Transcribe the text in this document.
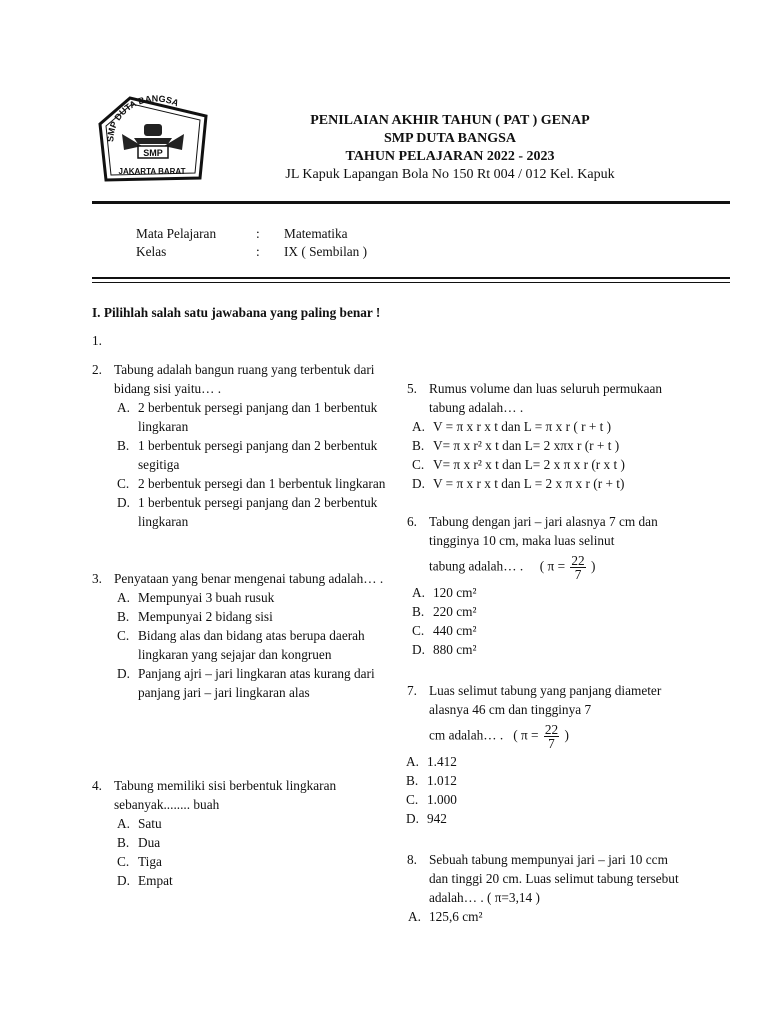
SMP DUTA BANGSA
SMP
JAKARTA BARAT
PENILAIAN AKHIR TAHUN ( PAT ) GENAP
SMP DUTA BANGSA
TAHUN PELAJARAN 2022 - 2023
JL Kapuk Lapangan Bola No 150 Rt 004 / 012 Kel. Kapuk
Mata Pelajaran	: Matematika
Kelas	: IX ( Sembilan )
I. Pilihlah salah satu jawabana yang paling benar !
1.
2. Tabung adalah bangun ruang yang terbentuk dari bidang sisi yaitu… .
A. 2 berbentuk persegi panjang dan 1 berbentuk lingkaran
B. 1 berbentuk persegi panjang dan 2 berbentuk segitiga
C. 2 berbentuk persegi dan 1 berbentuk lingkaran
D. 1 berbentuk persegi panjang dan 2 berbentuk lingkaran
3. Penyataan yang benar mengenai tabung adalah… .
A. Mempunyai 3 buah rusuk
B. Mempunyai 2 bidang sisi
C. Bidang alas dan bidang atas berupa daerah lingkaran yang sejajar dan kongruen
D. Panjang ajri – jari lingkaran atas kurang dari panjang jari – jari lingkaran alas
4. Tabung memiliki sisi berbentuk lingkaran sebanyak........ buah
A. Satu
B. Dua
C. Tiga
D. Empat
5. Rumus volume dan luas seluruh permukaan tabung adalah… .
A. V = π x r x t dan L = π x r ( r + t )
B. V= π x r² x t dan L= 2 xπx r (r + t )
C. V= π x r² x t dan L= 2 x π x r (r x t )
D. V = π x r x t dan L = 2 x π x r (r + t)
6. Tabung dengan jari – jari alasnya 7 cm dan tingginya 10 cm, maka luas selinut
tabung adalah… . ( $\pi = \frac{22}{7}$ )
A. 120 cm²
B. 220 cm²
C. 440 cm²
D. 880 cm²
7. Luas selimut tabung yang panjang diameter alasnya 46 cm dan tingginya 7
cm adalah… . ( $\pi = \frac{22}{7}$ )
A. 1.412
B. 1.012
C. 1.000
D. 942
8. Sebuah tabung mempunyai jari – jari 10 ccm dan tinggi 20 cm. Luas selimut tabung tersebut adalah… . ( π=3,14 )
A. 125,6 cm²
